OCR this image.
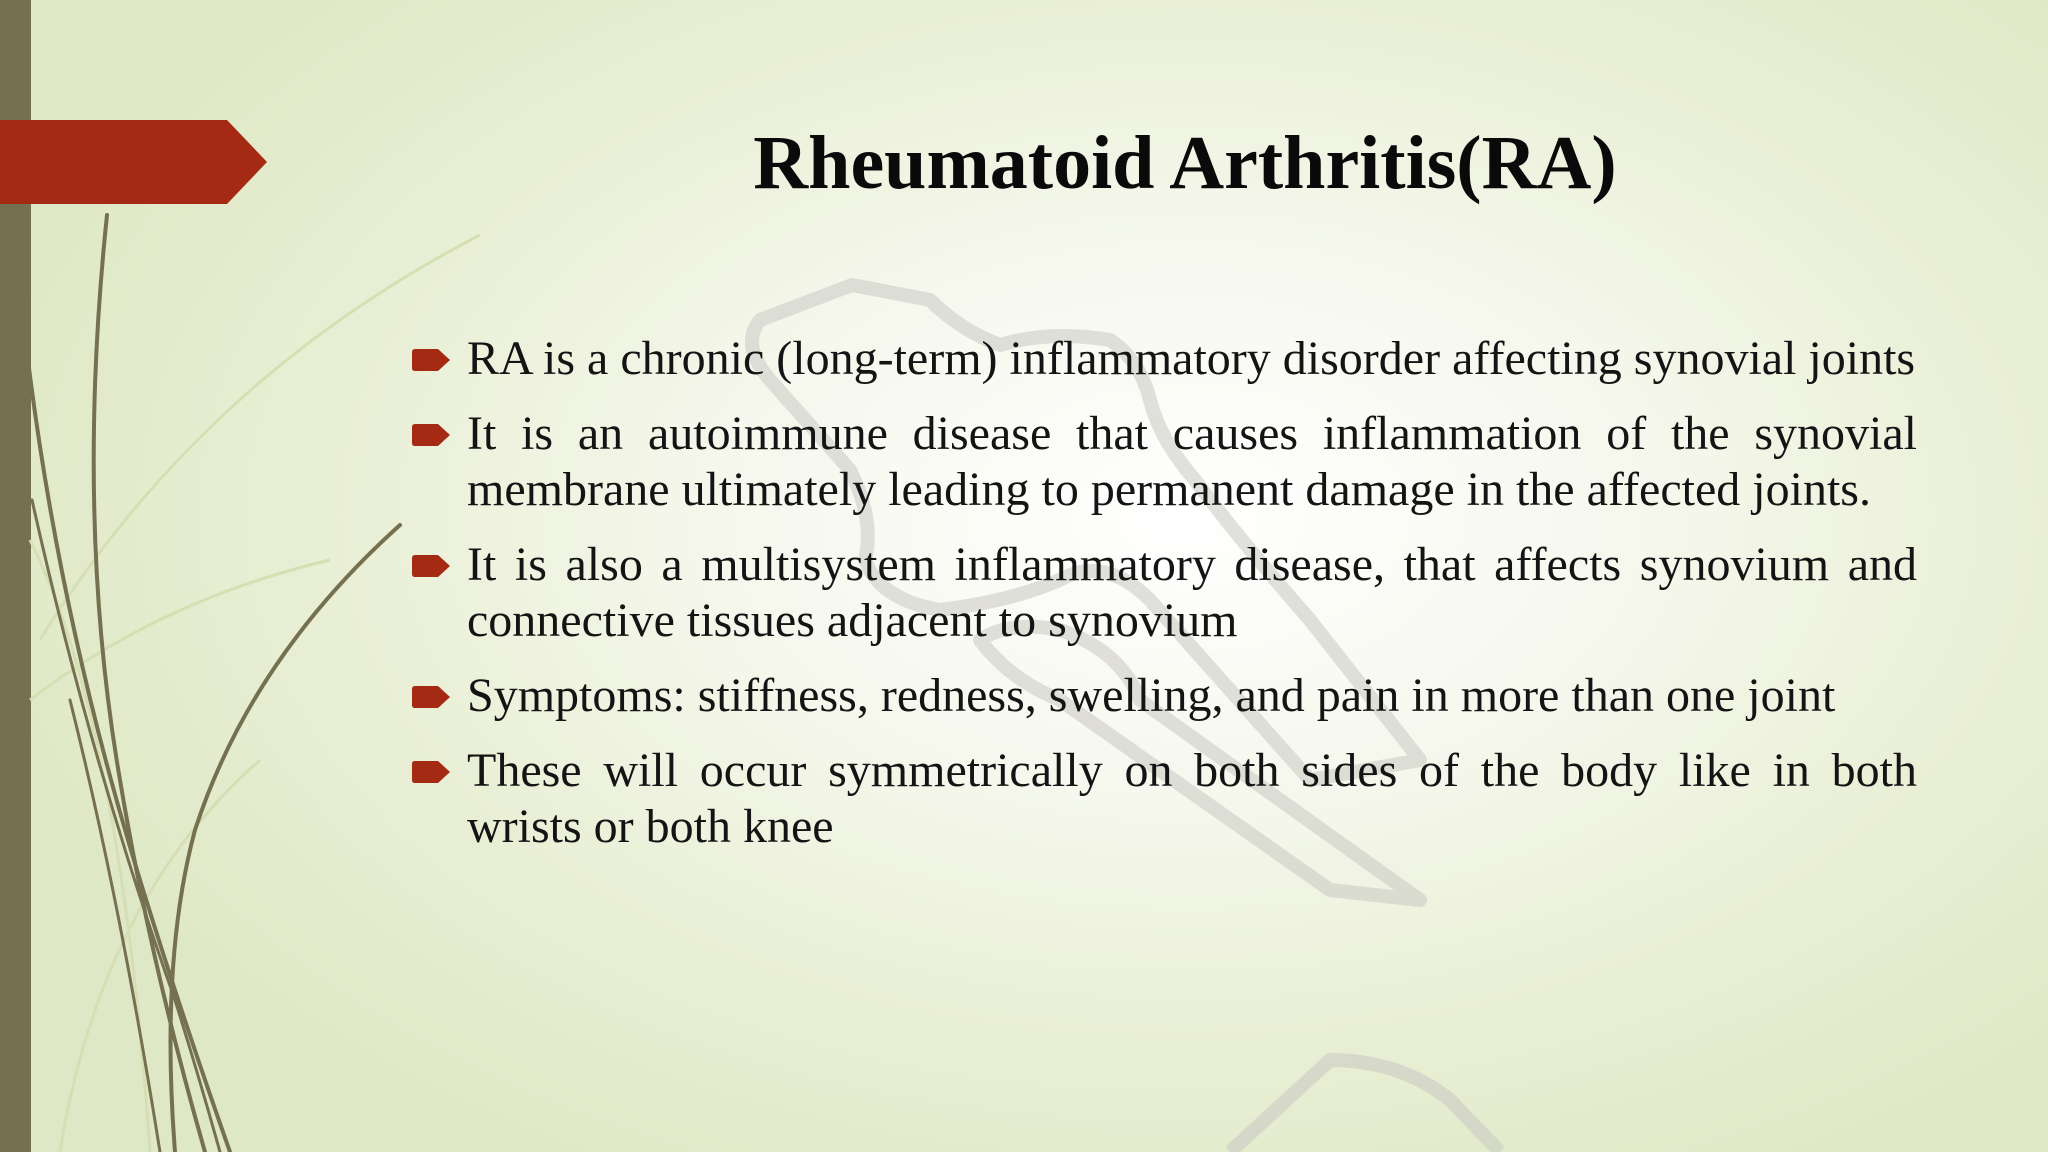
Rheumatoid Arthritis(RA)
RA is a chronic (long-term) inflammatory disorder affecting synovial joints
It is an autoimmune disease that causes inflammation of the synovial membrane ultimately leading to permanent damage in the affected joints.
It is also a multisystem inflammatory disease, that affects synovium and connective tissues adjacent to synovium
Symptoms: stiffness, redness, swelling, and pain in more than one joint
These will occur symmetrically on both sides of the body like in both wrists or both knee
